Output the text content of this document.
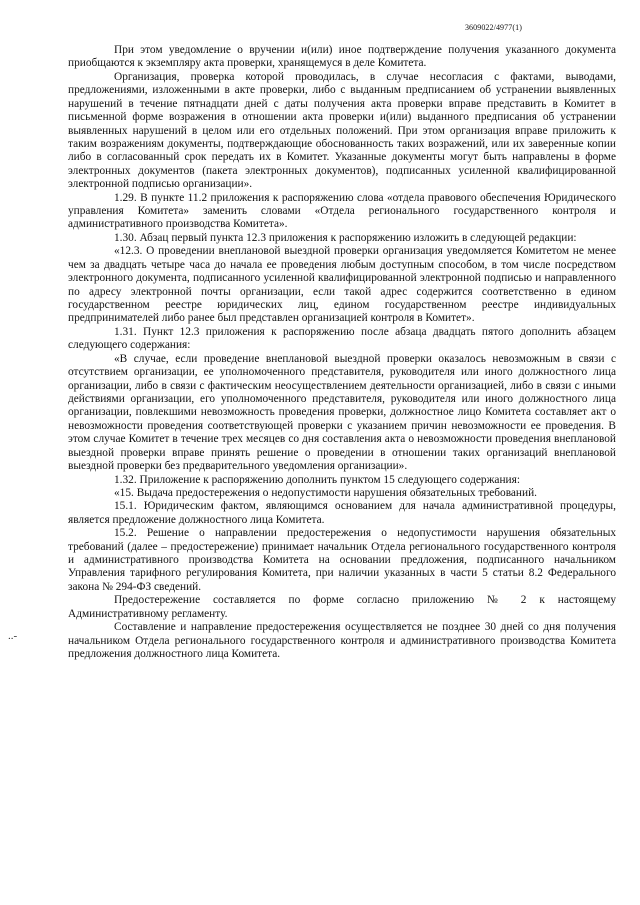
3609022/4977(1)
..-

При этом уведомление о вручении и(или) иное подтверждение получения указанного документа приобщаются к экземпляру акта проверки, хранящемуся в деле Комитета.

Организация, проверка которой проводилась, в случае несогласия с фактами, выводами, предложениями, изложенными в акте проверки, либо с выданным предписанием об устранении выявленных нарушений в течение пятнадцати дней с даты получения акта проверки вправе представить в Комитет в письменной форме возражения в отношении акта проверки и(или) выданного предписания об устранении выявленных нарушений в целом или его отдельных положений. При этом организация вправе приложить к таким возражениям документы, подтверждающие обоснованность таких возражений, или их заверенные копии либо в согласованный срок передать их в Комитет. Указанные документы могут быть направлены в форме электронных документов (пакета электронных документов), подписанных усиленной квалифицированной электронной подписью организации».

1.29. В пункте 11.2 приложения к распоряжению слова «отдела правового обеспечения Юридического управления Комитета» заменить словами «Отдела регионального государственного контроля и административного производства Комитета».

1.30. Абзац первый пункта 12.3 приложения к распоряжению изложить в следующей редакции:

«12.3. О проведении внеплановой выездной проверки организация уведомляется Комитетом не менее чем за двадцать четыре часа до начала ее проведения любым доступным способом, в том числе посредством электронного документа, подписанного усиленной квалифицированной электронной подписью и направленного по адресу электронной почты организации, если такой адрес содержится соответственно в едином государственном реестре юридических лиц, едином государственном реестре индивидуальных предпринимателей либо ранее был представлен организацией контроля в Комитет».

1.31. Пункт 12.3 приложения к распоряжению после абзаца двадцать пятого дополнить абзацем следующего содержания:

«В случае, если проведение внеплановой выездной проверки оказалось невозможным в связи с отсутствием организации, ее уполномоченного представителя, руководителя или иного должностного лица организации, либо в связи с фактическим неосуществлением деятельности организацией, либо в связи с иными действиями организации, его уполномоченного представителя, руководителя или иного должностного лица организации, повлекшими невозможность проведения проверки, должностное лицо Комитета составляет акт о невозможности проведения соответствующей проверки с указанием причин невозможности ее проведения. В этом случае Комитет в течение трех месяцев со дня составления акта о невозможности проведения внеплановой выездной проверки вправе принять решение о проведении в отношении таких организаций внеплановой выездной проверки без предварительного уведомления организации».

1.32. Приложение к распоряжению дополнить пунктом 15 следующего содержания:

«15. Выдача предостережения о недопустимости нарушения обязательных требований.

15.1. Юридическим фактом, являющимся основанием для начала административной процедуры, является предложение должностного лица Комитета.

15.2. Решение о направлении предостережения о недопустимости нарушения обязательных требований (далее – предостережение) принимает начальник Отдела регионального государственного контроля и административного производства Комитета на основании предложения, подписанного начальником Управления тарифного регулирования Комитета, при наличии указанных в части 5 статьи 8.2 Федерального закона № 294-ФЗ сведений.

Предостережение составляется по форме согласно приложению № 2 к настоящему Административному регламенту.

Составление и направление предостережения осуществляется не позднее 30 дней со дня получения начальником Отдела регионального государственного контроля и административного производства Комитета предложения должностного лица Комитета.
